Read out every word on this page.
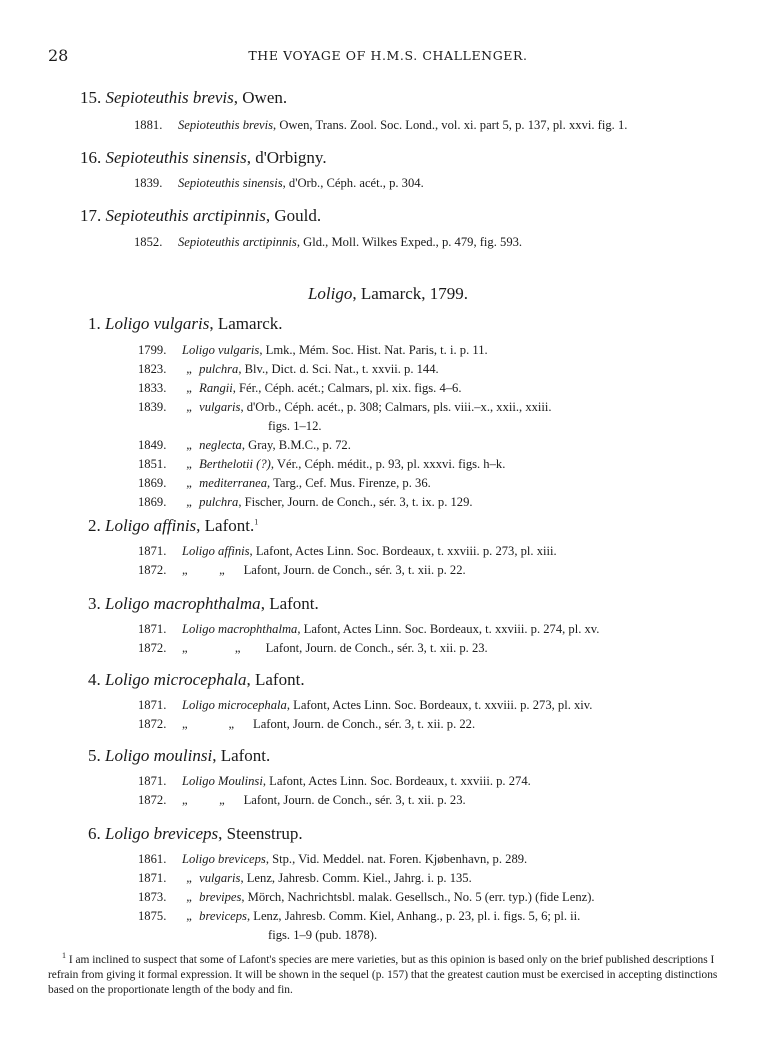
28	THE VOYAGE OF H.M.S. CHALLENGER.
15. Sepioteuthis brevis, Owen.
1881. Sepioteuthis brevis, Owen, Trans. Zool. Soc. Lond., vol. xi. part 5, p. 137, pl. xxvi. fig. 1.
16. Sepioteuthis sinensis, d'Orbigny.
1839. Sepioteuthis sinensis, d'Orb., Céph. acét., p. 304.
17. Sepioteuthis arctipinnis, Gould.
1852. Sepioteuthis arctipinnis, Gld., Moll. Wilkes Exped., p. 479, fig. 593.
Loligo, Lamarck, 1799.
1. Loligo vulgaris, Lamarck.
1799. Loligo vulgaris, Lmk., Mém. Soc. Hist. Nat. Paris, t. i. p. 11.
1823.	„ pulchra, Blv., Dict. d. Sci. Nat., t. xxvii. p. 144.
1833.	„ Rangii, Fér., Céph. acét.; Calmars, pl. xix. figs. 4–6.
1839.	„ vulgaris, d'Orb., Céph. acét., p. 308; Calmars, pls. viii.–x., xxii., xxiii.
figs. 1–12.
1849.	„ neglecta, Gray, B.M.C., p. 72.
1851.	„ Berthelotii (?), Vér., Céph. médit., p. 93, pl. xxxvi. figs. h–k.
1869.	„ mediterranea, Targ., Cef. Mus. Firenze, p. 36.
1869.	„ pulchra, Fischer, Journ. de Conch., sér. 3, t. ix. p. 129.
2. Loligo affinis, Lafont.$^1$
1871. Loligo affinis, Lafont, Actes Linn. Soc. Bordeaux, t. xxviii. p. 273, pl. xiii.
1872. „          „ Lafont, Journ. de Conch., sér. 3, t. xii. p. 22.
3. Loligo macrophthalma, Lafont.
1871. Loligo macrophthalma, Lafont, Actes Linn. Soc. Bordeaux, t. xxviii. p. 274, pl. xv.
1872. „               „ Lafont, Journ. de Conch., sér. 3, t. xii. p. 23.
4. Loligo microcephala, Lafont.
1871. Loligo microcephala, Lafont, Actes Linn. Soc. Bordeaux, t. xxviii. p. 273, pl. xiv.
1872. „             „ Lafont, Journ. de Conch., sér. 3, t. xii. p. 22.
5. Loligo moulinsi, Lafont.
1871. Loligo Moulinsi, Lafont, Actes Linn. Soc. Bordeaux, t. xxviii. p. 274.
1872. „          „ Lafont, Journ. de Conch., sér. 3, t. xii. p. 23.
6. Loligo breviceps, Steenstrup.
1861. Loligo breviceps, Stp., Vid. Meddel. nat. Foren. Kjøbenhavn, p. 289.
1871.	„ vulgaris, Lenz, Jahresb. Comm. Kiel., Jahrg. i. p. 135.
1873.	„ brevipes, Mörch, Nachrichtsbl. malak. Gesellsch., No. 5 (err. typ.) (fide Lenz).
1875.	„ breviceps, Lenz, Jahresb. Comm. Kiel, Anhang., p. 23, pl. i. figs. 5, 6; pl. ii.
figs. 1–9 (pub. 1878).
$^1$ I am inclined to suspect that some of Lafont's species are mere varieties, but as this opinion is based only on the brief published descriptions I refrain from giving it formal expression. It will be shown in the sequel (p. 157) that the greatest caution must be exercised in accepting distinctions based on the proportionate length of the body and fin.
